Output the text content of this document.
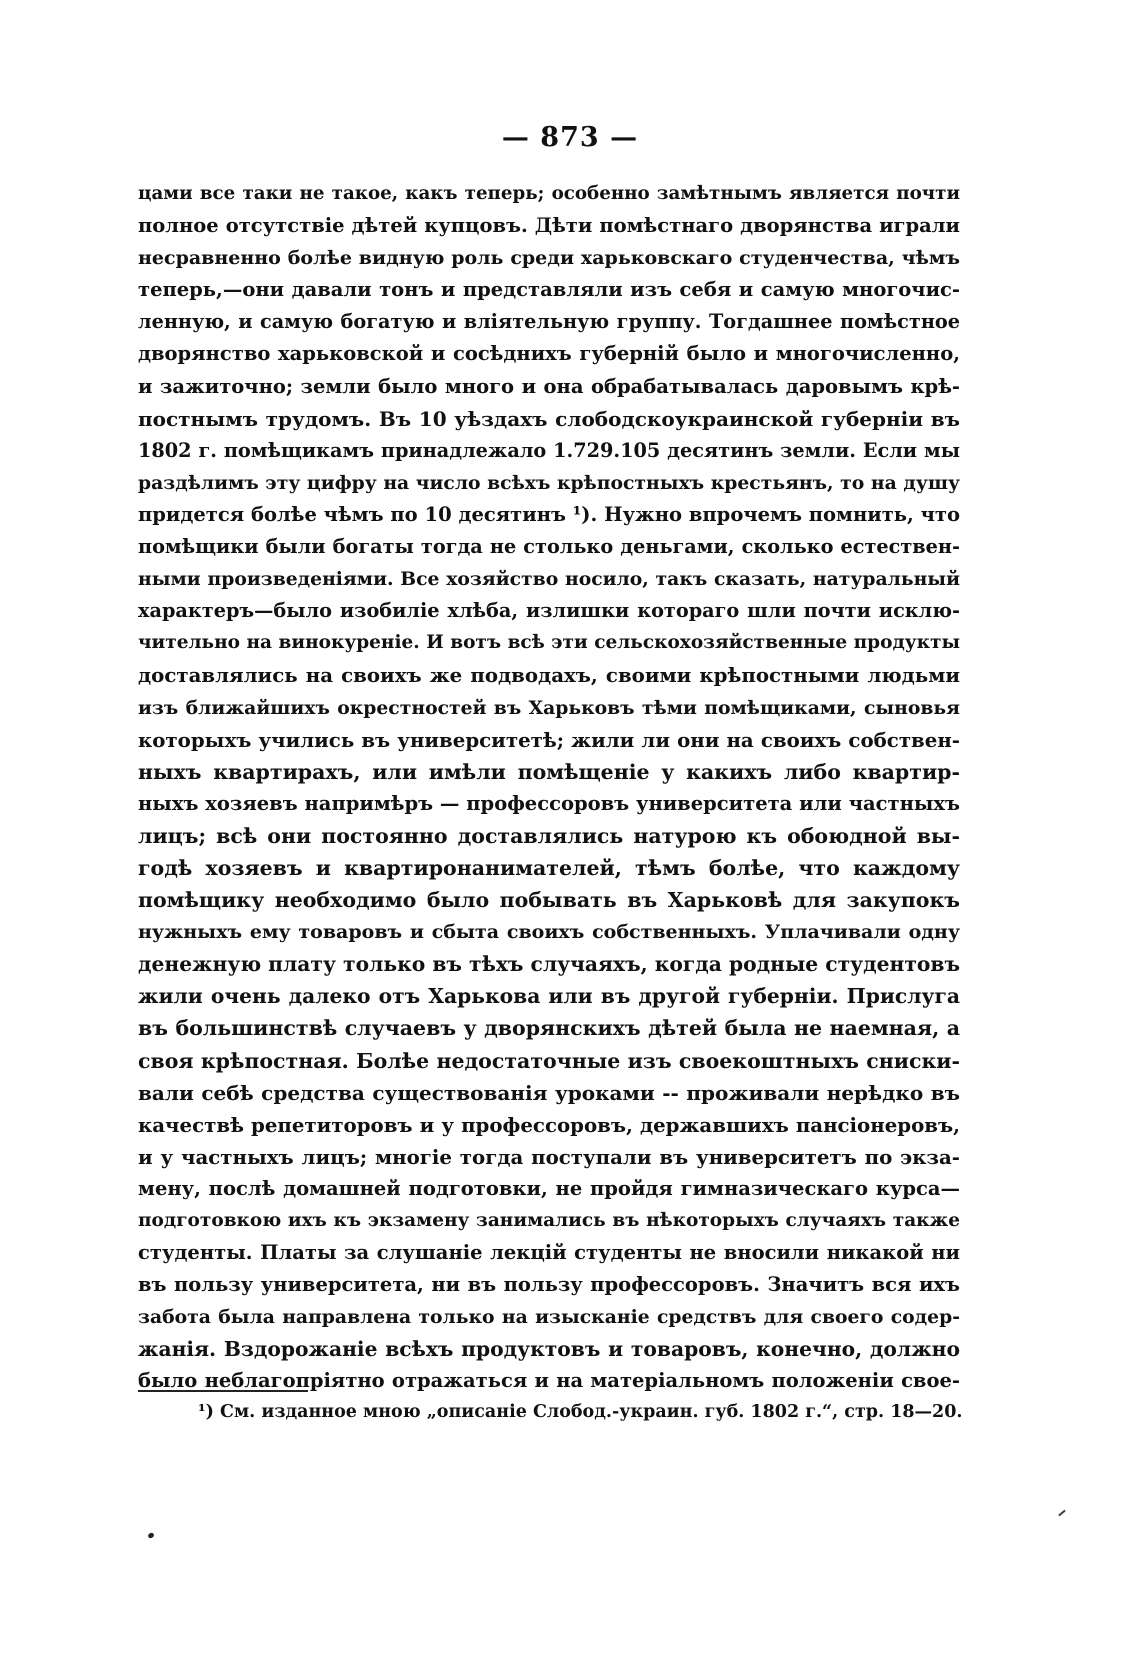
— 873 —
цами все таки не такое, какъ теперь; особенно замѣтнымъ является почти
полное отсутствіе дѣтей купцовъ. Дѣти помѣстнаго дворянства играли
несравненно болѣе видную роль среди харьковскаго студенчества, чѣмъ
теперь,—они давали тонъ и представляли изъ себя и самую многочис-
ленную, и самую богатую и вліятельную группу. Тогдашнее помѣстное
дворянство харьковской и сосѣднихъ губерній было и многочисленно,
и зажиточно; земли было много и она обрабатывалась даровымъ крѣ-
постнымъ трудомъ. Въ 10 уѣздахъ слободскоукраинской губерніи въ
1802 г. помѣщикамъ принадлежало 1.729.105 десятинъ земли. Если мы
раздѣлимъ эту цифру на число всѣхъ крѣпостныхъ крестьянъ, то на душу
придется болѣе чѣмъ по 10 десятинъ ¹). Нужно впрочемъ помнить, что
помѣщики были богаты тогда не столько деньгами, сколько естествен-
ными произведеніями. Все хозяйство носило, такъ сказать, натуральный
характеръ—было изобиліе хлѣба, излишки котораго шли почти исклю-
чительно на винокуреніе. И вотъ всѣ эти сельскохозяйственные продукты
доставлялись на своихъ же подводахъ, своими крѣпостными людьми
изъ ближайшихъ окрестностей въ Харьковъ тѣми помѣщиками, сыновья
которыхъ учились въ университетѣ; жили ли они на своихъ собствен-
ныхъ квартирахъ, или имѣли помѣщеніе у какихъ либо квартир-
ныхъ хозяевъ напримѣръ — профессоровъ университета или частныхъ
лицъ; всѣ они постоянно доставлялись натурою къ обоюдной вы-
годѣ хозяевъ и квартиронанимателей, тѣмъ болѣе, что каждому
помѣщику необходимо было побывать въ Харьковѣ для закупокъ
нужныхъ ему товаровъ и сбыта своихъ собственныхъ. Уплачивали одну
денежную плату только въ тѣхъ случаяхъ, когда родные студентовъ
жили очень далеко отъ Харькова или въ другой губерніи. Прислуга
въ большинствѣ случаевъ у дворянскихъ дѣтей была не наемная, а
своя крѣпостная. Болѣе недостаточные изъ своекоштныхъ сниски-
вали себѣ средства существованія уроками -- проживали нерѣдко въ
качествѣ репетиторовъ и у профессоровъ, державшихъ пансіонеровъ,
и у частныхъ лицъ; многіе тогда поступали въ университетъ по экза-
мену, послѣ домашней подготовки, не пройдя гимназическаго курса—
подготовкою ихъ къ экзамену занимались въ нѣкоторыхъ случаяхъ также
студенты. Платы за слушаніе лекцій студенты не вносили никакой ни
въ пользу университета, ни въ пользу профессоровъ. Значитъ вся ихъ
забота была направлена только на изысканіе средствъ для своего содер-
жанія. Вздорожаніе всѣхъ продуктовъ и товаровъ, конечно, должно
было неблагопріятно отражаться и на матеріальномъ положеніи свое-
¹) См. изданное мною „описаніе Слобод.-украин. губ. 1802 г.“, стр. 18—20.
